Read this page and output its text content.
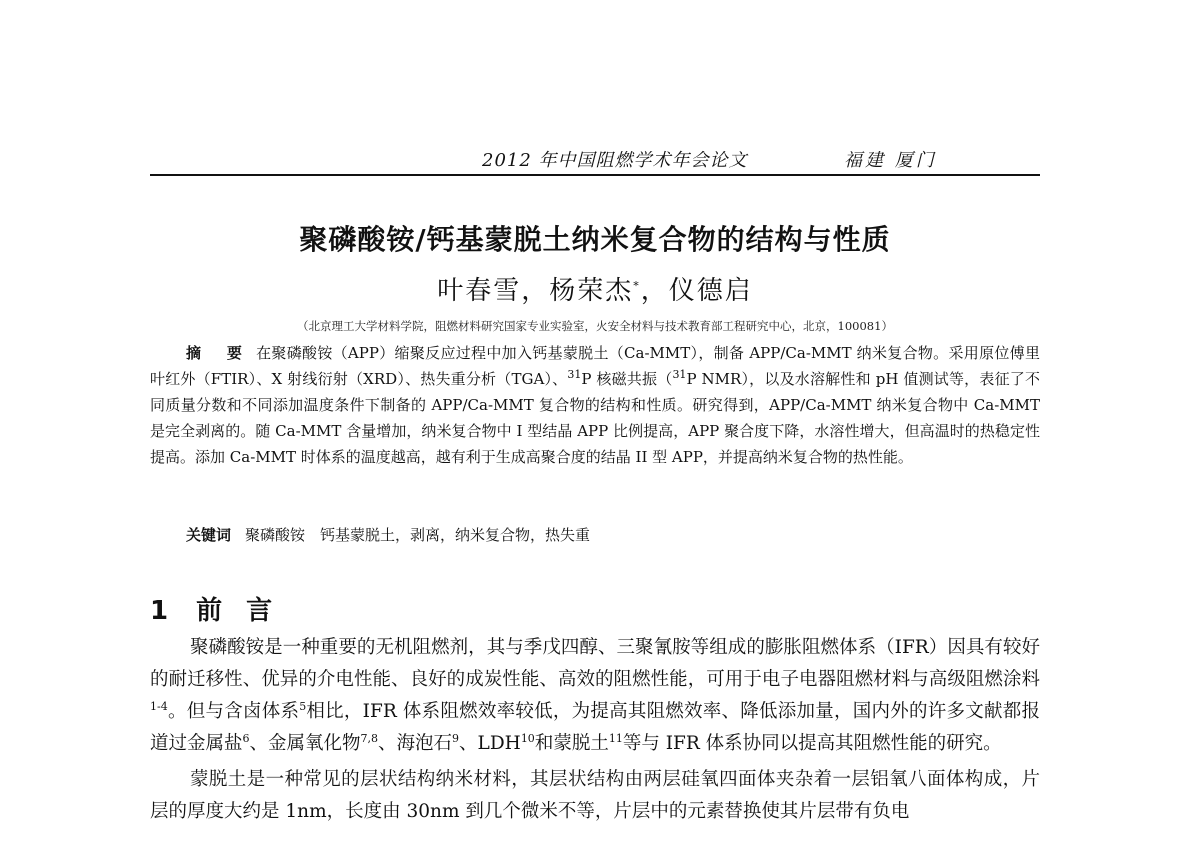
2012 年中国阻燃学术年会论文	福建 厦门
聚磷酸铵/钙基蒙脱土纳米复合物的结构与性质
叶春雪，杨荣杰*，仪德启
（北京理工大学材料学院，阻燃材料研究国家专业实验室，火安全材料与技术教育部工程研究中心，北京，100081）
摘 要 在聚磷酸铵（APP）缩聚反应过程中加入钙基蒙脱土（Ca-MMT），制备 APP/Ca-MMT 纳米复合物。采用原位傅里叶红外（FTIR）、X 射线衍射（XRD）、热失重分析（TGA）、$^{31}$P 核磁共振（$^{31}$P NMR），以及水溶解性和 pH 值测试等，表征了不同质量分数和不同添加温度条件下制备的 APP/Ca-MMT 复合物的结构和性质。研究得到，APP/Ca-MMT 纳米复合物中 Ca-MMT 是完全剥离的。随 Ca-MMT 含量增加，纳米复合物中 I 型结晶 APP 比例提高，APP 聚合度下降，水溶性增大，但高温时的热稳定性提高。添加 Ca-MMT 时体系的温度越高，越有利于生成高聚合度的结晶 II 型 APP，并提高纳米复合物的热性能。
关键词 聚磷酸铵　钙基蒙脱土，剥离，纳米复合物，热失重
1 前言

聚磷酸铵是一种重要的无机阻燃剂，其与季戊四醇、三聚氰胺等组成的膨胀阻燃体系（IFR）因具有较好的耐迁移性、优异的介电性能、良好的成炭性能、高效的阻燃性能，可用于电子电器阻燃材料与高级阻燃涂料$^{1-4}$。但与含卤体系$^5$相比，IFR 体系阻燃效率较低，为提高其阻燃效率、降低添加量，国内外的许多文献都报道过金属盐$^6$、金属氧化物$^{7,8}$、海泡石$^9$、LDH$^{10}$和蒙脱土$^{11}$等与 IFR 体系协同以提高其阻燃性能的研究。

蒙脱土是一种常见的层状结构纳米材料，其层状结构由两层硅氧四面体夹杂着一层铝氧八面体构成，片层的厚度大约是 1nm，长度由 30nm 到几个微米不等，片层中的元素替换使其片层带有负电
